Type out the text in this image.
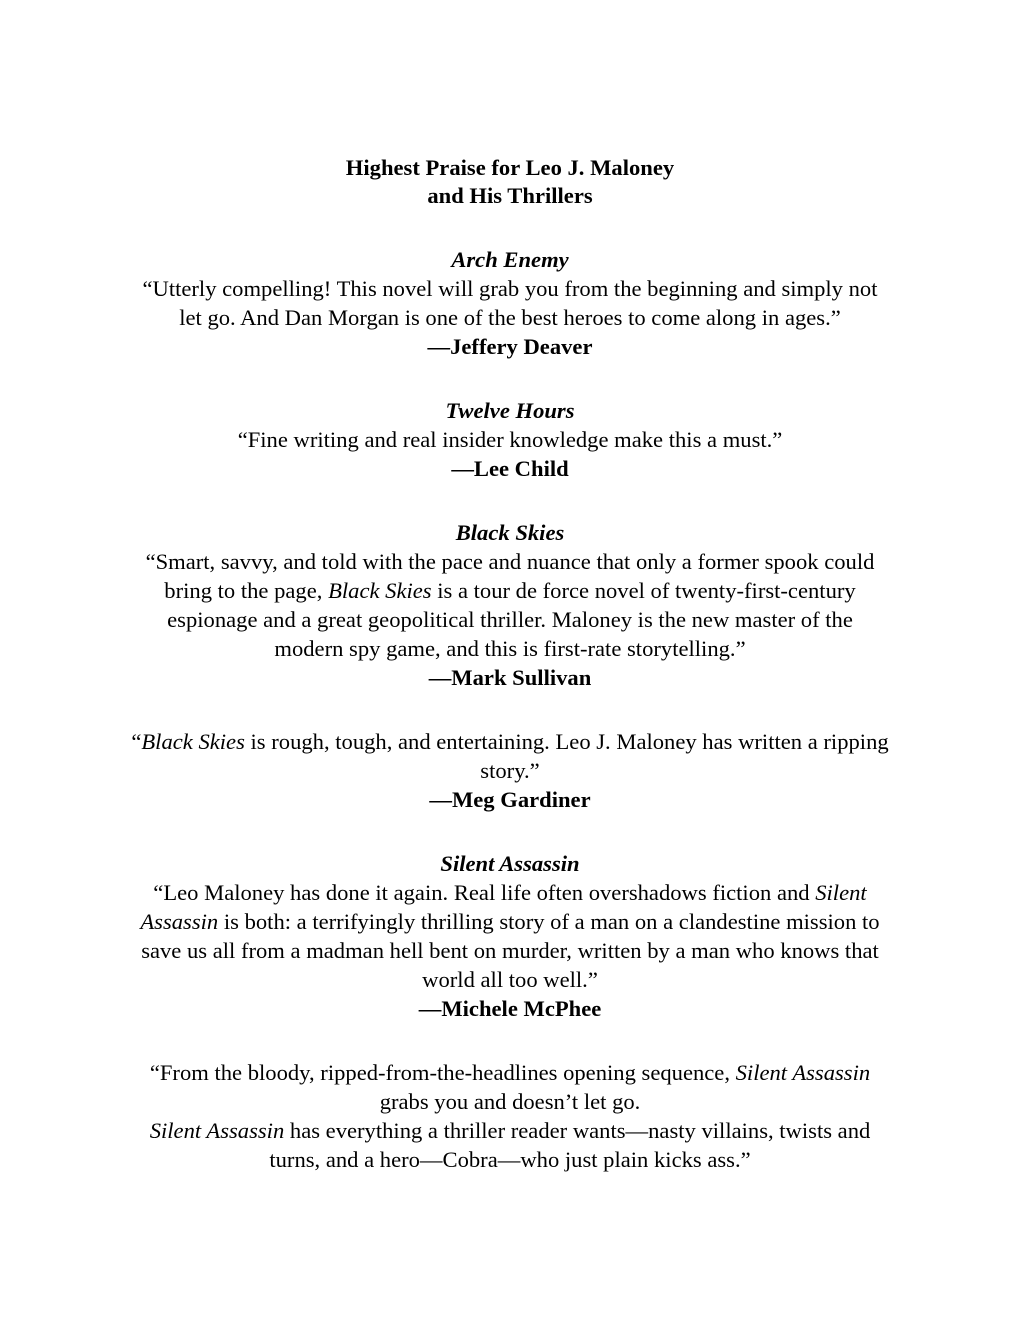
Highest Praise for Leo J. Maloney
and His Thrillers
Arch Enemy
“Utterly compelling! This novel will grab you from the beginning and simply not let go. And Dan Morgan is one of the best heroes to come along in ages.”
—Jeffery Deaver
Twelve Hours
“Fine writing and real insider knowledge make this a must.”
—Lee Child
Black Skies
“Smart, savvy, and told with the pace and nuance that only a former spook could bring to the page, Black Skies is a tour de force novel of twenty-first-century espionage and a great geopolitical thriller. Maloney is the new master of the modern spy game, and this is first-rate storytelling.”
—Mark Sullivan
“Black Skies is rough, tough, and entertaining. Leo J. Maloney has written a ripping story.”
—Meg Gardiner
Silent Assassin
“Leo Maloney has done it again. Real life often overshadows fiction and Silent Assassin is both: a terrifyingly thrilling story of a man on a clandestine mission to save us all from a madman hell bent on murder, written by a man who knows that world all too well.”
—Michele McPhee
“From the bloody, ripped-from-the-headlines opening sequence, Silent Assassin grabs you and doesn’t let go.
Silent Assassin has everything a thriller reader wants—nasty villains, twists and turns, and a hero—Cobra—who just plain kicks ass.”
